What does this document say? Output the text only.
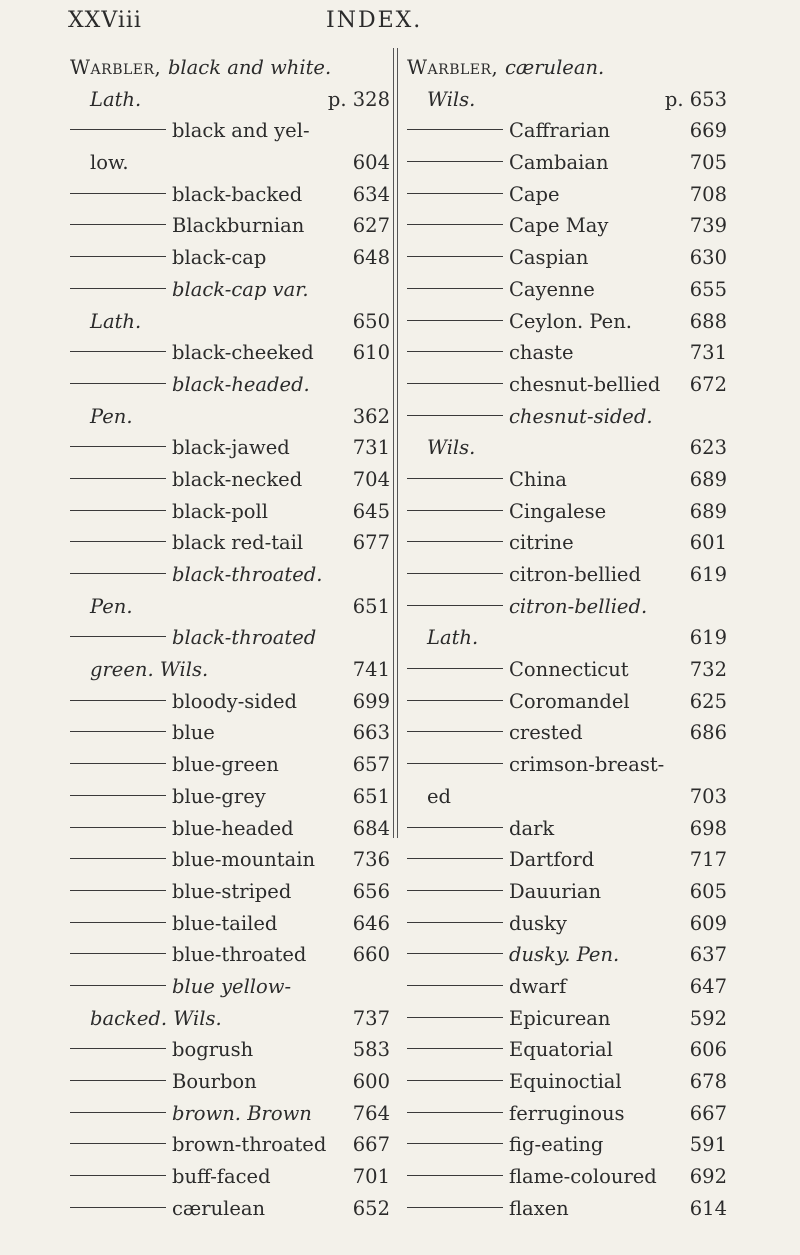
XXViii	INDEX.
Warbler, black and white.
Lath.	p. 328
black and yel-
low.	604
black-backed	634
Blackburnian 627
black-cap	648
black-cap var.
Lath.	650
black-cheeked 610
black-headed.
Pen.	362
black-jawed	731
black-necked	704
black-poll	645
black red-tail	677
black-throated.
Pen.	651
black-throated
green. Wils.	741
bloody-sided	699
blue	663
blue-green	657
blue-grey	651
blue-headed	684
blue-mountain 736
blue-striped	656
blue-tailed	646
blue-throated 660
blue yellow-
backed. Wils.	737
bogrush	583
Bourbon	600
brown. Brown 764
brown-throated 667
buff-faced	701
cærulean	652
Warbler, cærulean.
Wils.	p. 653
Caffrarian	669
Cambaian	705
Cape	708
Cape May	739
Caspian	630
Cayenne	655
Ceylon. Pen.	688
chaste	731
chesnut-bellied 672
chesnut-sided.
Wils.	623
China	689
Cingalese	689
citrine	601
citron-bellied	619
citron-bellied.
Lath.	619
Connecticut	732
Coromandel	625
crested	686
crimson-breast-
ed	703
dark	698
Dartford	717
Dauurian	605
dusky	609
dusky. Pen.	637
dwarf	647
Epicurean	592
Equatorial	606
Equinoctial	678
ferruginous	667
fig-eating	591
flame-coloured 692
flaxen	614
